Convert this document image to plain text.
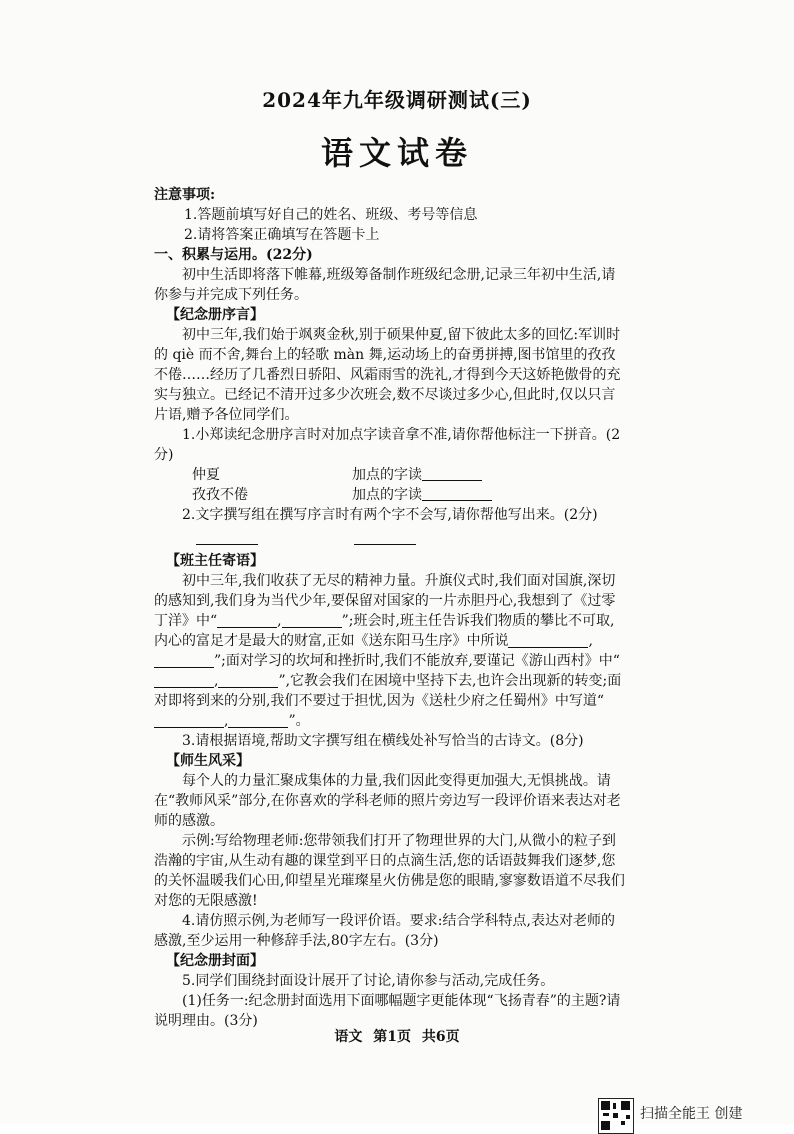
2024年九年级调研测试(三)
语文试卷

注意事项:

1.答题前填写好自己的姓名、班级、考号等信息

2.请将答案正确填写在答题卡上

一、积累与运用。(22分)

初中生活即将落下帷幕,班级筹备制作班级纪念册,记录三年初中生活,请你参与并完成下列任务。

【纪念册序言】

初中三年,我们始于飒爽金秋,别于硕果仲夏,留下彼此太多的回忆:军训时的 qiè 而不舍,舞台上的轻歌 màn 舞,运动场上的奋勇拼搏,图书馆里的孜孜不倦……经历了几番烈日骄阳、风霜雨雪的洗礼,才得到今天这娇艳傲骨的充实与独立。已经记不清开过多少次班会,数不尽谈过多少心,但此时,仅以只言片语,赠予各位同学们。

1.小郑读纪念册序言时对加点字读音拿不准,请你帮他标注一下拼音。(2分)

仲夏	加点的字读
孜孜不倦	加点的字读

2.文字撰写组在撰写序言时有两个字不会写,请你帮他写出来。(2分)

【班主任寄语】

初中三年,我们收获了无尽的精神力量。升旗仪式时,我们面对国旗,深切的感知到,我们身为当代少年,要保留对国家的一片赤胆丹心,我想到了《过零丁洋》中“	,	”;班会时,班主任告诉我们物质的攀比不可取,内心的富足才是最大的财富,正如《送东阳马生序》中所说	,”;面对学习的坎坷和挫折时,我们不能放弃,要谨记《游山西村》中“,	”,它教会我们在困境中坚持下去,也许会出现新的转变;面对即将到来的分别,我们不要过于担忧,因为《送杜少府之任蜀州》中写道“,	”。

3.请根据语境,帮助文字撰写组在横线处补写恰当的古诗文。(8分)

【师生风采】

每个人的力量汇聚成集体的力量,我们因此变得更加强大,无惧挑战。请在“教师风采”部分,在你喜欢的学科老师的照片旁边写一段评价语来表达对老师的感激。

示例:写给物理老师:您带领我们打开了物理世界的大门,从微小的粒子到浩瀚的宇宙,从生动有趣的课堂到平日的点滴生活,您的话语鼓舞我们逐梦,您的关怀温暖我们心田,仰望星光璀璨星火仿佛是您的眼睛,寥寥数语道不尽我们对您的无限感激!

4.请仿照示例,为老师写一段评价语。要求:结合学科特点,表达对老师的感激,至少运用一种修辞手法,80字左右。(3分)

【纪念册封面】

5.同学们围绕封面设计展开了讨论,请你参与活动,完成任务。

(1)任务一:纪念册封面选用下面哪幅题字更能体现“飞扬青春”的主题?请说明理由。(3分)

语文 第1页 共6页
扫描全能王 创建
